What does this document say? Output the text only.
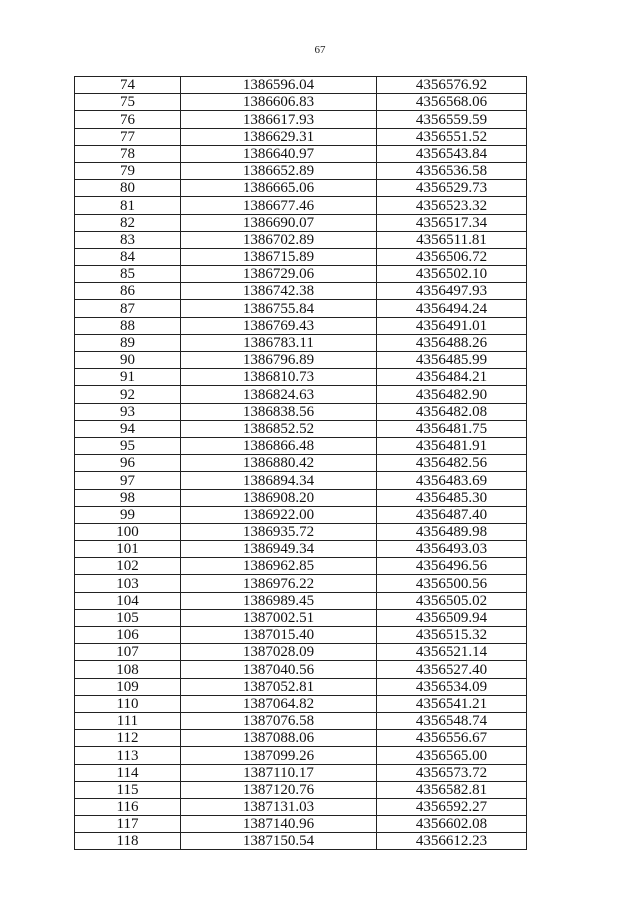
67
74	1386596.04	4356576.92
75	1386606.83	4356568.06
76	1386617.93	4356559.59
77	1386629.31	4356551.52
78	1386640.97	4356543.84
79	1386652.89	4356536.58
80	1386665.06	4356529.73
81	1386677.46	4356523.32
82	1386690.07	4356517.34
83	1386702.89	4356511.81
84	1386715.89	4356506.72
85	1386729.06	4356502.10
86	1386742.38	4356497.93
87	1386755.84	4356494.24
88	1386769.43	4356491.01
89	1386783.11	4356488.26
90	1386796.89	4356485.99
91	1386810.73	4356484.21
92	1386824.63	4356482.90
93	1386838.56	4356482.08
94	1386852.52	4356481.75
95	1386866.48	4356481.91
96	1386880.42	4356482.56
97	1386894.34	4356483.69
98	1386908.20	4356485.30
99	1386922.00	4356487.40
100	1386935.72	4356489.98
101	1386949.34	4356493.03
102	1386962.85	4356496.56
103	1386976.22	4356500.56
104	1386989.45	4356505.02
105	1387002.51	4356509.94
106	1387015.40	4356515.32
107	1387028.09	4356521.14
108	1387040.56	4356527.40
109	1387052.81	4356534.09
110	1387064.82	4356541.21
111	1387076.58	4356548.74
112	1387088.06	4356556.67
113	1387099.26	4356565.00
114	1387110.17	4356573.72
115	1387120.76	4356582.81
116	1387131.03	4356592.27
117	1387140.96	4356602.08
118	1387150.54	4356612.23
